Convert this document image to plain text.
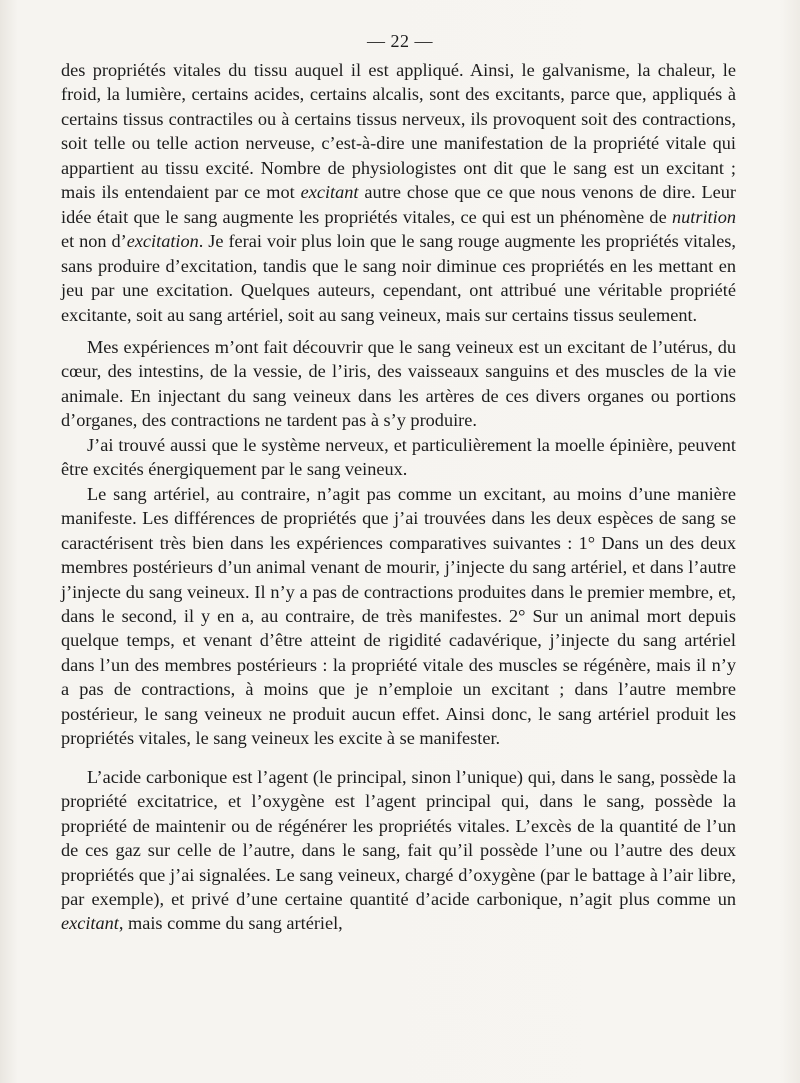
— 22 —

des propriétés vitales du tissu auquel il est appliqué. Ainsi, le galvanisme, la chaleur, le froid, la lumière, certains acides, certains alcalis, sont des excitants, parce que, appliqués à certains tissus contractiles ou à certains tissus nerveux, ils provoquent soit des contractions, soit telle ou telle action nerveuse, c’est-à-dire une manifestation de la propriété vitale qui appartient au tissu excité. Nombre de physiologistes ont dit que le sang est un excitant ; mais ils entendaient par ce mot excitant autre chose que ce que nous venons de dire. Leur idée était que le sang augmente les propriétés vitales, ce qui est un phénomène de nutrition et non d’excitation. Je ferai voir plus loin que le sang rouge augmente les propriétés vitales, sans produire d’excitation, tandis que le sang noir diminue ces propriétés en les mettant en jeu par une excitation. Quelques auteurs, cependant, ont attribué une véritable propriété excitante, soit au sang artériel, soit au sang veineux, mais sur certains tissus seulement.

Mes expériences m’ont fait découvrir que le sang veineux est un excitant de l’utérus, du cœur, des intestins, de la vessie, de l’iris, des vaisseaux sanguins et des muscles de la vie animale. En injectant du sang veineux dans les artères de ces divers organes ou portions d’organes, des contractions ne tardent pas à s’y produire.

J’ai trouvé aussi que le système nerveux, et particulièrement la moelle épinière, peuvent être excités énergiquement par le sang veineux.

Le sang artériel, au contraire, n’agit pas comme un excitant, au moins d’une manière manifeste. Les différences de propriétés que j’ai trouvées dans les deux espèces de sang se caractérisent très bien dans les expériences comparatives suivantes : 1° Dans un des deux membres postérieurs d’un animal venant de mourir, j’injecte du sang artériel, et dans l’autre j’injecte du sang veineux. Il n’y a pas de contractions produites dans le premier membre, et, dans le second, il y en a, au contraire, de très manifestes. 2° Sur un animal mort depuis quelque temps, et venant d’être atteint de rigidité cadavérique, j’injecte du sang artériel dans l’un des membres postérieurs : la propriété vitale des muscles se régénère, mais il n’y a pas de contractions, à moins que je n’emploie un excitant ; dans l’autre membre postérieur, le sang veineux ne produit aucun effet. Ainsi donc, le sang artériel produit les propriétés vitales, le sang veineux les excite à se manifester.

L’acide carbonique est l’agent (le principal, sinon l’unique) qui, dans le sang, possède la propriété excitatrice, et l’oxygène est l’agent principal qui, dans le sang, possède la propriété de maintenir ou de régénérer les propriétés vitales. L’excès de la quantité de l’un de ces gaz sur celle de l’autre, dans le sang, fait qu’il possède l’une ou l’autre des deux propriétés que j’ai signalées. Le sang veineux, chargé d’oxygène (par le battage à l’air libre, par exemple), et privé d’une certaine quantité d’acide carbonique, n’agit plus comme un excitant, mais comme du sang artériel,
